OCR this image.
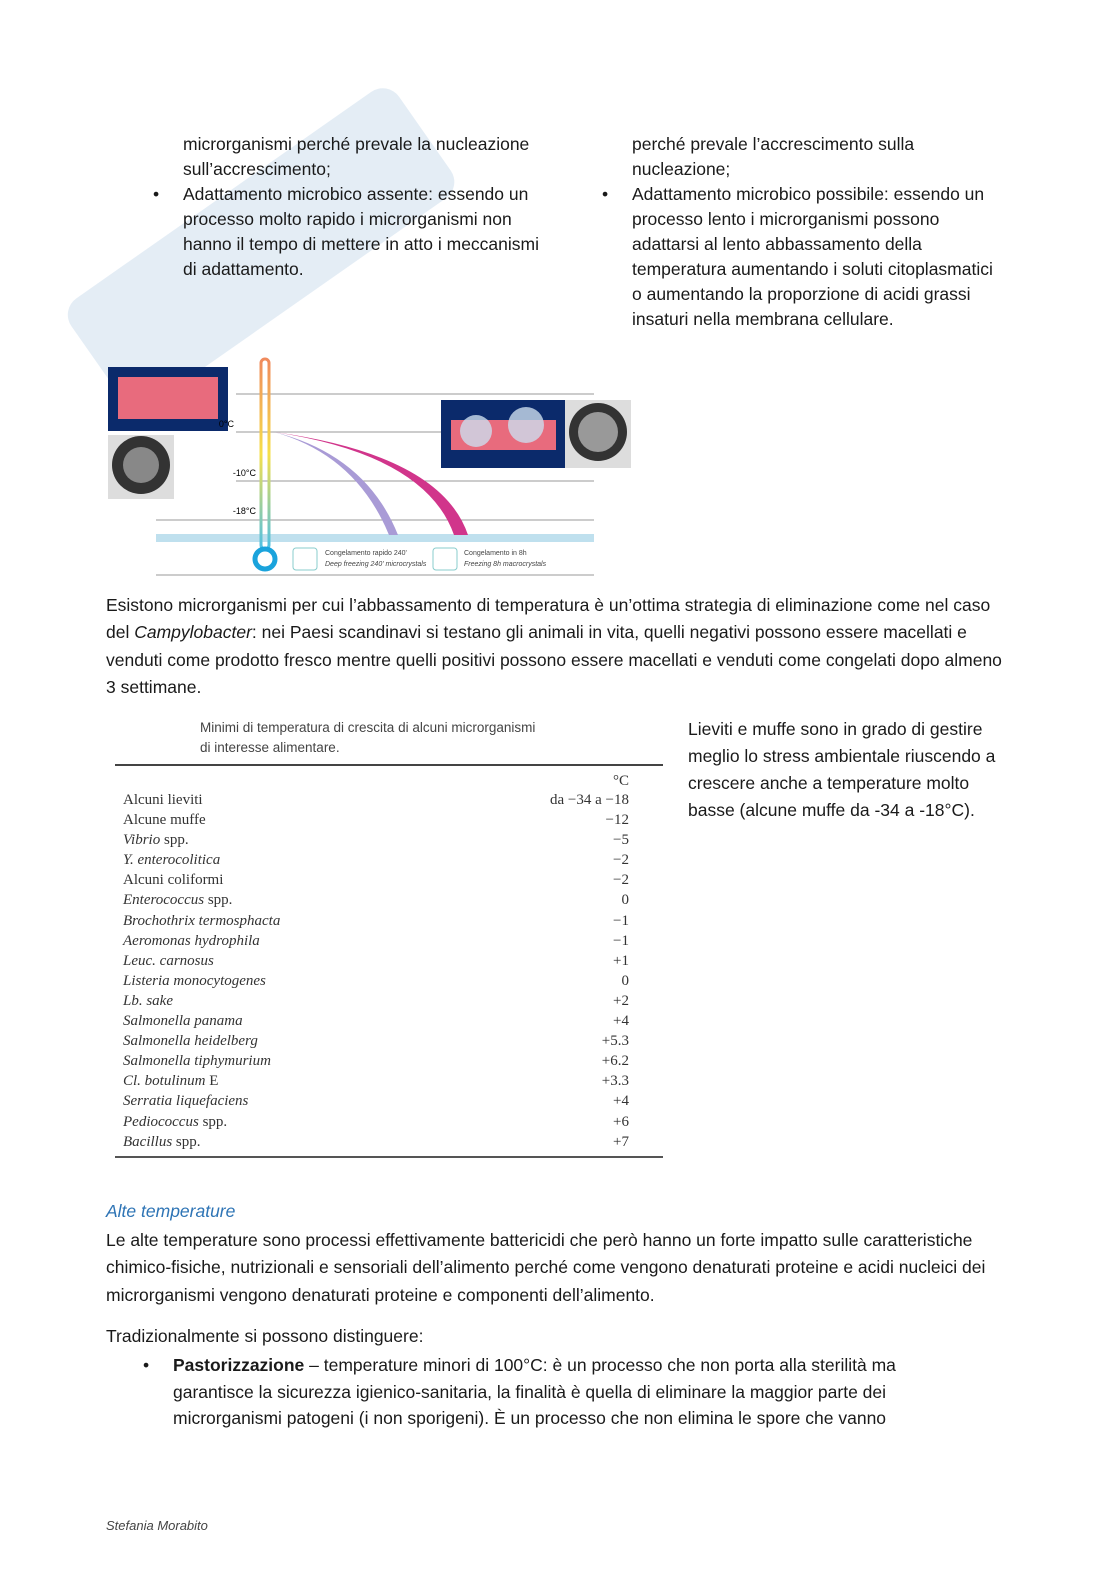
microrganismi perché prevale la nucleazione sull’accrescimento;
• Adattamento microbico assente: essendo un processo molto rapido i microrganismi non hanno il tempo di mettere in atto i meccanismi di adattamento.
perché prevale l’accrescimento sulla nucleazione;
• Adattamento microbico possibile: essendo un processo lento i microrganismi possono adattarsi al lento abbassamento della temperatura aumentando i soluti citoplasmatici o aumentando la proporzione di acidi grassi insaturi nella membrana cellulare.
0°C
-10°C
-18°C
Congelamento rapido 240'
Deep freezing 240' microcrystals
Congelamento in 8h
Freezing 8h macrocrystals
Esistono microrganismi per cui l’abbassamento di temperatura è un’ottima strategia di eliminazione come nel caso del Campylobacter: nei Paesi scandinavi si testano gli animali in vita, quelli negativi possono essere macellati e venduti come prodotto fresco mentre quelli positivi possono essere macellati e venduti come congelati dopo almeno 3 settimane.
Minimi di temperatura di crescita di alcuni microrganismi
di interesse alimentare.
°C
Alcuni lieviti	da −34 a −18
Alcune muffe	−12
Vibrio spp.	−5
Y. enterocolitica	−2
Alcuni coliformi	−2
Enterococcus spp.	0
Brochothrix termosphacta	−1
Aeromonas hydrophila	−1
Leuc. carnosus	+1
Listeria monocytogenes	0
Lb. sake	+2
Salmonella panama	+4
Salmonella heidelberg	+5.3
Salmonella tiphymurium	+6.2
Cl. botulinum E	+3.3
Serratia liquefaciens	+4
Pediococcus spp.	+6
Bacillus spp.	+7
Lieviti e muffe sono in grado di gestire meglio lo stress ambientale riuscendo a crescere anche a temperature molto basse (alcune muffe da -34 a -18°C).
Alte temperature
Le alte temperature sono processi effettivamente battericidi che però hanno un forte impatto sulle caratteristiche chimico-fisiche, nutrizionali e sensoriali dell’alimento perché come vengono denaturati proteine e acidi nucleici dei microrganismi vengono denaturati proteine e componenti dell’alimento.
Tradizionalmente si possono distinguere:
• Pastorizzazione – temperature minori di 100°C: è un processo che non porta alla sterilità ma garantisce la sicurezza igienico-sanitaria, la finalità è quella di eliminare la maggior parte dei microrganismi patogeni (i non sporigeni). È un processo che non elimina le spore che vanno
Stefania Morabito
